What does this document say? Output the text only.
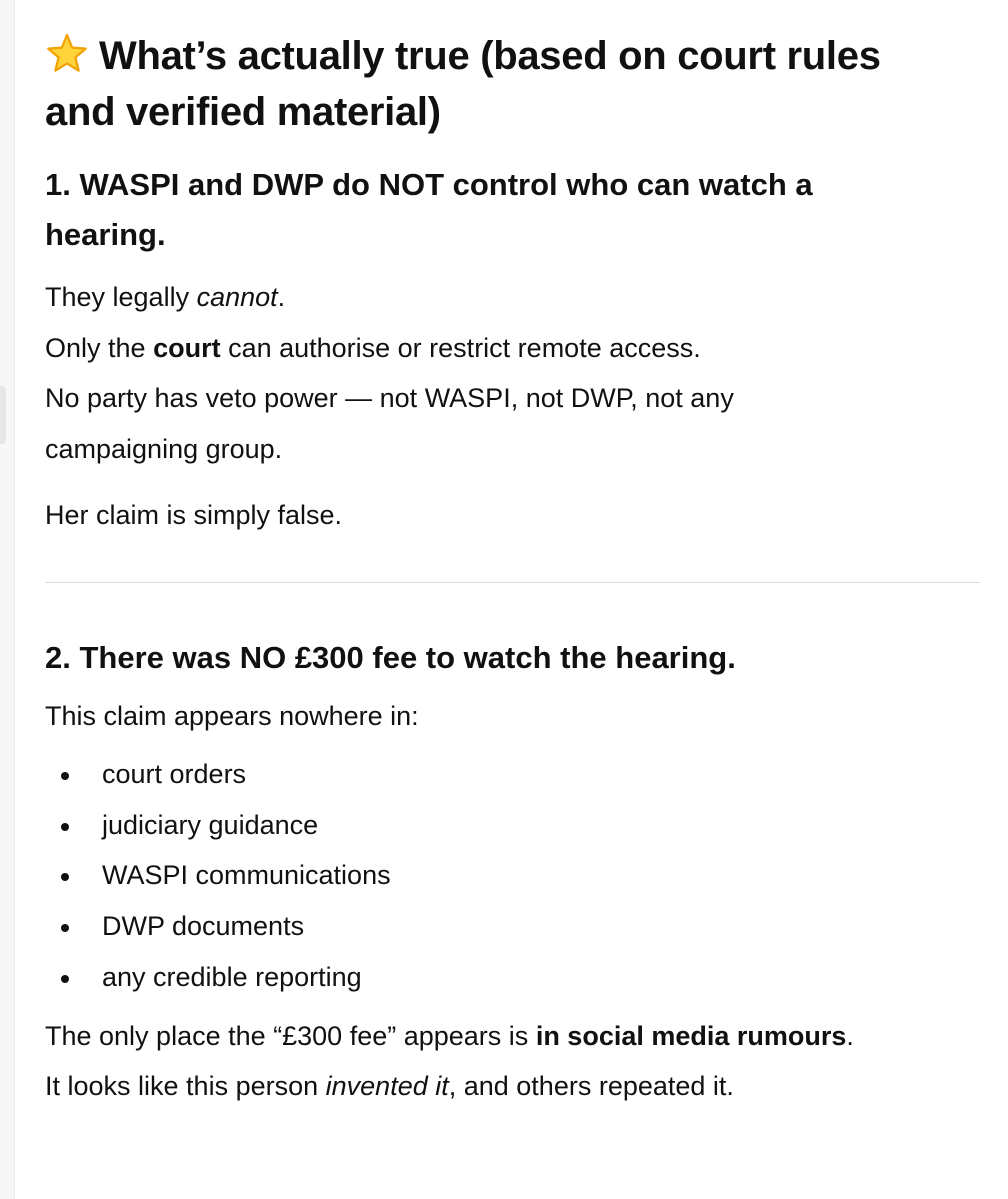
What’s actually true (based on court rules
and verified material)
1. WASPI and DWP do NOT control who can watch a
hearing.

They legally cannot.
Only the court can authorise or restrict remote access.
No party has veto power — not WASPI, not DWP, not any
campaigning group.

Her claim is simply false.

2. There was NO £300 fee to watch the hearing.

This claim appears nowhere in:

court orders
judiciary guidance
WASPI communications
DWP documents
any credible reporting

The only place the “£300 fee” appears is in social media rumours.
It looks like this person invented it, and others repeated it.
